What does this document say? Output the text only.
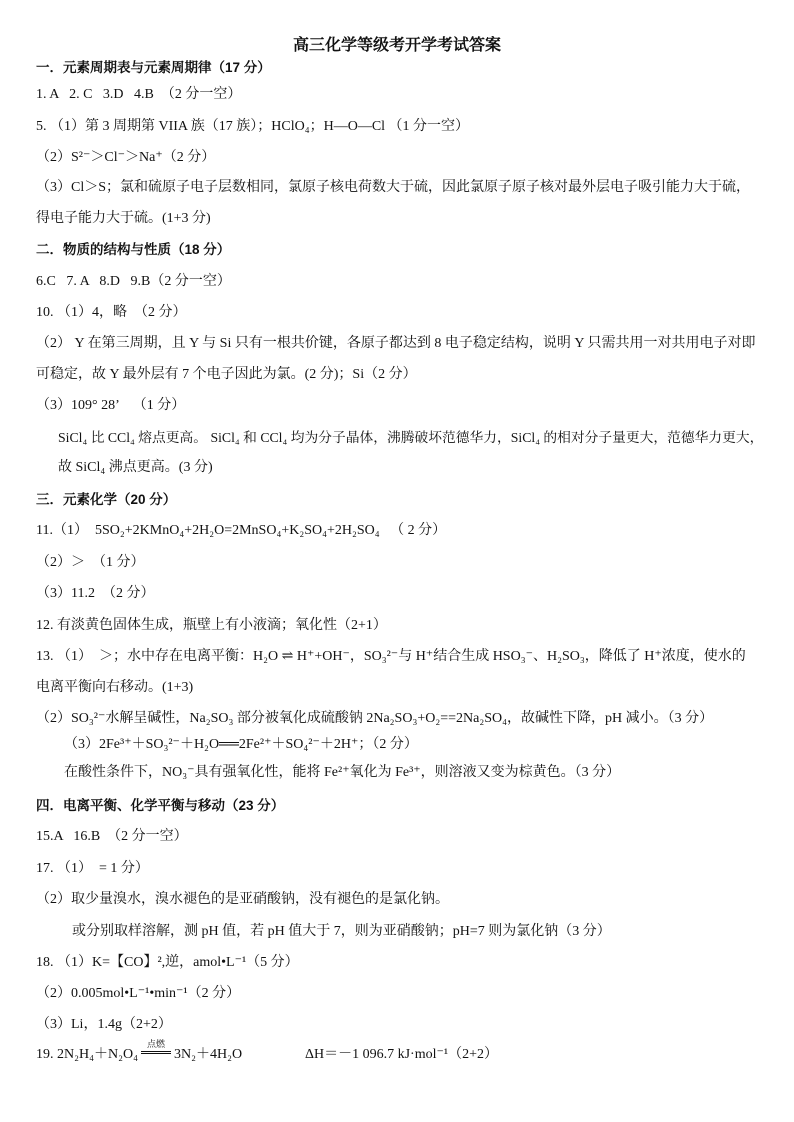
高三化学等级考开学考试答案
一．元素周期表与元素周期律（17 分）
1. A   2. C   3.D   4.B  （2 分一空）
5. （1）第 3 周期第 VIIA 族（17 族）；HClO₄；H—O—Cl （1 分一空）
（2）S²⁻＞Cl⁻＞Na⁺（2 分）
（3）Cl＞S；氯和硫原子电子层数相同，氯原子核电荷数大于硫，因此氯原子原子核对最外层电子吸引能力大于硫，
得电子能力大于硫。(1+3 分)
二．物质的结构与性质（18 分）
6.C   7. A   8.D   9.B（2 分一空）
10. （1）4，略  （2 分）
（2） Y 在第三周期，且 Y 与 Si 只有一根共价键，各原子都达到 8 电子稳定结构，说明 Y 只需共用一对共用电子对即
可稳定，故 Y 最外层有 7 个电子因此为氯。(2 分)；Si（2 分）
（3）109° 28’    （1 分）
SiCl₄ 比 CCl₄ 熔点更高。 SiCl₄ 和 CCl₄ 均为分子晶体，沸腾破坏范德华力，SiCl₄ 的相对分子量更大，范德华力更大，
故 SiCl₄ 沸点更高。(3 分)
三．元素化学（20 分）
11.（1）  5SO₂+2KMnO₄+2H₂O=2MnSO₄+K₂SO₄+2H₂SO₄   （ 2 分）
（2）＞  （1 分）
（3）11.2  （2 分）
12. 有淡黄色固体生成，瓶壁上有小液滴；氧化性（2+1）
13. （1）  ＞；水中存在电离平衡：H₂O ⇌ H⁺+OH⁻，SO₃²⁻与 H⁺结合生成 HSO₃⁻、H₂SO₃，降低了 H⁺浓度，使水的
电离平衡向右移动。(1+3)
（2）SO₃²⁻水解呈碱性，Na₂SO₃ 部分被氧化成硫酸钠 2Na₂SO₃+O₂==2Na₂SO₄，故碱性下降，pH 减小。（3 分）
（3）2Fe³⁺＋SO₃²⁻＋H₂O══2Fe²⁺＋SO₄²⁻＋2H⁺；（2 分）
在酸性条件下，NO₃⁻具有强氧化性，能将 Fe²⁺氧化为 Fe³⁺，则溶液又变为棕黄色。（3 分）
四．电离平衡、化学平衡与移动（23 分）
15.A   16.B  （2 分一空）
17. （1）  = 1 分）
（2）取少量溴水，溴水褪色的是亚硝酸钠，没有褪色的是氯化钠。
或分别取样溶解，测 pH 值，若 pH 值大于 7，则为亚硝酸钠；pH=7 则为氯化钠（3 分）
18. （1）K=【CO】²,逆，amol•L⁻¹（5 分）
（2）0.005mol•L⁻¹•min⁻¹（2 分）
（3）Li，1.4g（2+2）
19. 2N₂H₄＋N₂O₄
点燃
3N₂＋4H₂O	ΔH＝－1 096.7 kJ·mol⁻¹（2+2）
